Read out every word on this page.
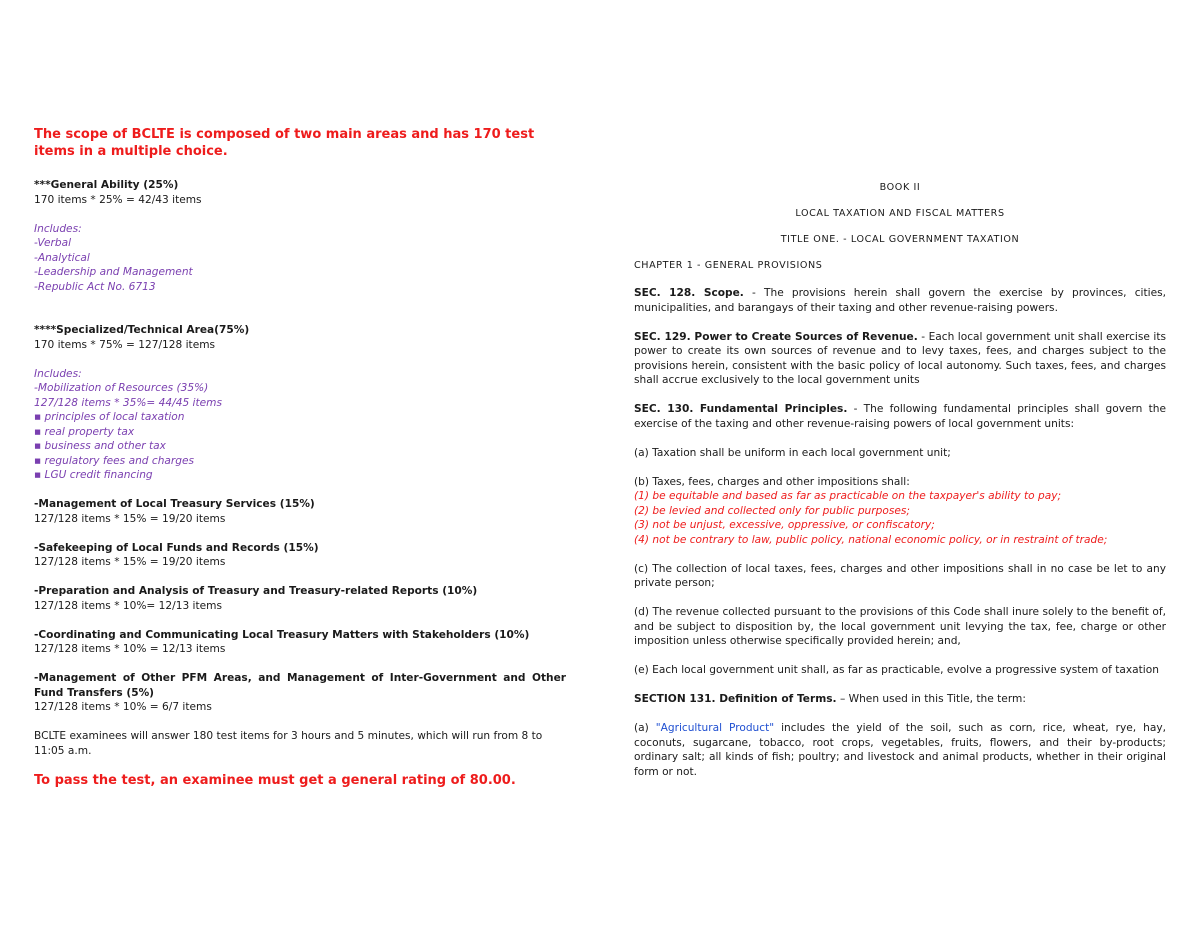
The scope of BCLTE is composed of two main areas and has 170 test items in a multiple choice.

***General Ability (25%)

170 items * 25% = 42/43 items

Includes:

-Verbal

-Analytical

-Leadership and Management

-Republic Act No. 6713

****Specialized/Technical Area(75%)

170 items * 75% = 127/128 items

Includes:

-Mobilization of Resources (35%)

127/128 items * 35%= 44/45 items

▪ principles of local taxation

▪ real property tax

▪ business and other tax

▪ regulatory fees and charges

▪ LGU credit financing

-Management of Local Treasury Services (15%)

127/128 items * 15% = 19/20 items

-Safekeeping of Local Funds and Records (15%)

127/128 items * 15% = 19/20 items

-Preparation and Analysis of Treasury and Treasury-related Reports (10%)

127/128 items * 10%= 12/13 items

-Coordinating and Communicating Local Treasury Matters with Stakeholders (10%)

127/128 items * 10% = 12/13 items

-Management of Other PFM Areas, and Management of Inter-Government and Other Fund Transfers (5%)

127/128 items * 10% = 6/7 items

BCLTE examinees will answer 180 test items for 3 hours and 5 minutes, which will run from 8 to 11:05 a.m.

To pass the test, an examinee must get a general rating of 80.00.

BOOK II

LOCAL TAXATION AND FISCAL MATTERS

TITLE ONE. - LOCAL GOVERNMENT TAXATION

CHAPTER 1 - GENERAL PROVISIONS

SEC. 128. Scope. - The provisions herein shall govern the exercise by provinces, cities, municipalities, and barangays of their taxing and other revenue-raising powers.

SEC. 129. Power to Create Sources of Revenue. - Each local government unit shall exercise its power to create its own sources of revenue and to levy taxes, fees, and charges subject to the provisions herein, consistent with the basic policy of local autonomy. Such taxes, fees, and charges shall accrue exclusively to the local government units

SEC. 130. Fundamental Principles. - The following fundamental principles shall govern the exercise of the taxing and other revenue-raising powers of local government units:

(a) Taxation shall be uniform in each local government unit;

(b) Taxes, fees, charges and other impositions shall:

(1) be equitable and based as far as practicable on the taxpayer's ability to pay;

(2) be levied and collected only for public purposes;

(3) not be unjust, excessive, oppressive, or confiscatory;

(4) not be contrary to law, public policy, national economic policy, or in restraint of trade;

(c) The collection of local taxes, fees, charges and other impositions shall in no case be let to any private person;

(d) The revenue collected pursuant to the provisions of this Code shall inure solely to the benefit of, and be subject to disposition by, the local government unit levying the tax, fee, charge or other imposition unless otherwise specifically provided herein; and,

(e) Each local government unit shall, as far as practicable, evolve a progressive system of taxation

SECTION 131. Definition of Terms. – When used in this Title, the term:

(a) "Agricultural Product" includes the yield of the soil, such as corn, rice, wheat, rye, hay, coconuts, sugarcane, tobacco, root crops, vegetables, fruits, flowers, and their by-products; ordinary salt; all kinds of fish; poultry; and livestock and animal products, whether in their original form or not.
